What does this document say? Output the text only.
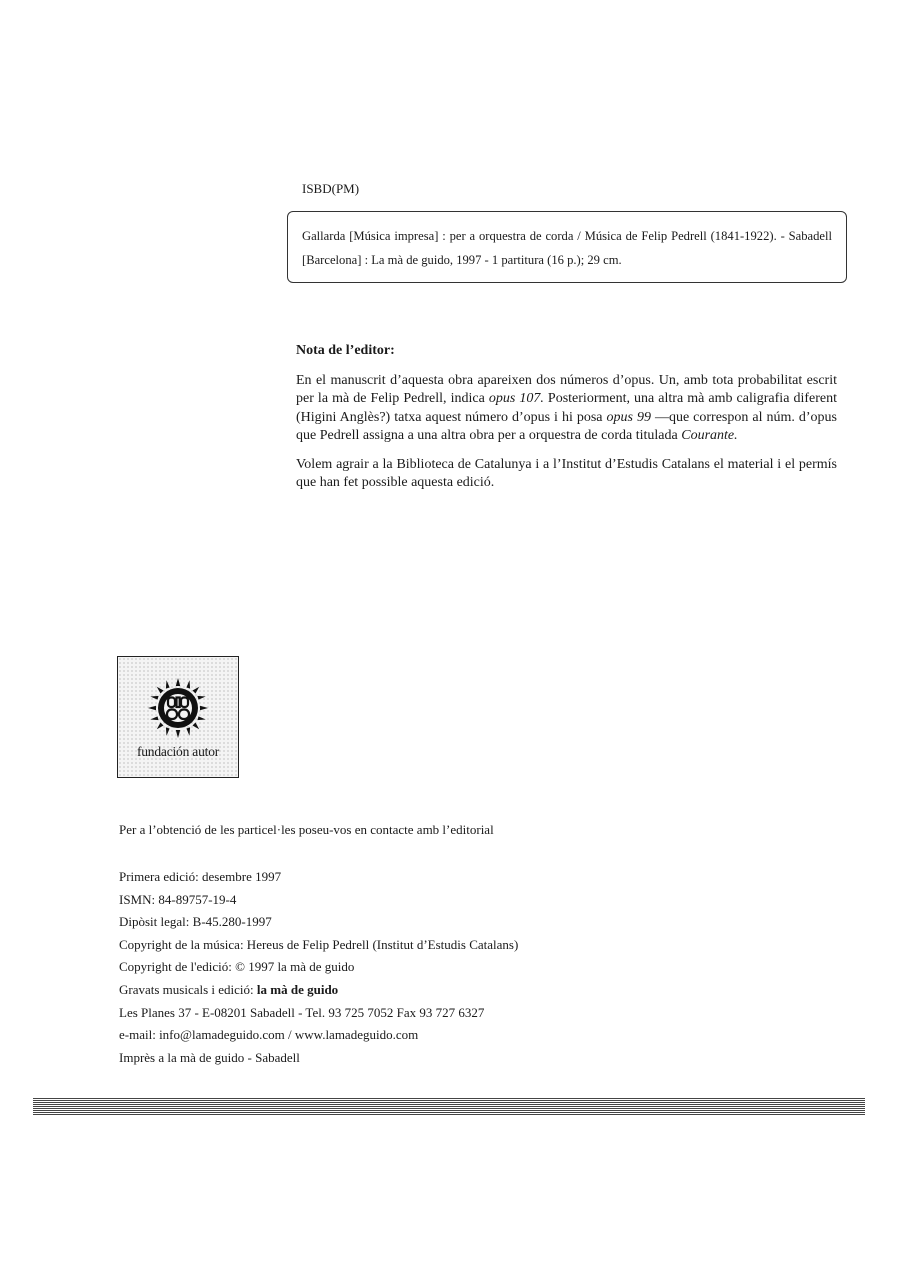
ISBD(PM)
Gallarda [Música impresa] : per a orquestra de corda / Música de Felip Pedrell (1841-1922). - Sabadell [Barcelona] : La mà de guido, 1997 - 1 partitura (16 p.); 29 cm.
Nota de l’editor:

En el manuscrit d’aquesta obra apareixen dos números d’opus. Un, amb tota probabilitat escrit per la mà de Felip Pedrell, indica opus 107. Posteriorment, una altra mà amb caligrafia diferent (Higini Anglès?) tatxa aquest número d’opus i hi posa opus 99 —que correspon al núm. d’opus que Pedrell assigna a una altra obra per a orquestra de corda titulada Courante.

Volem agrair a la Biblioteca de Catalunya i a l’Institut d’Estudis Catalans el material i el permís que han fet possible aquesta edició.

fundación autor
Per a l’obtenció de les particel·les poseu-vos en contacte amb l’editorial
Primera edició: desembre 1997
ISMN: 84-89757-19-4
Dipòsit legal: B-45.280-1997
Copyright de la música: Hereus de Felip Pedrell (Institut d’Estudis Catalans)
Copyright de l'edició: © 1997 la mà de guido
Gravats musicals i edició: la mà de guido
Les Planes 37 - E-08201 Sabadell - Tel. 93 725 7052 Fax 93 727 6327
e-mail: info@lamadeguido.com / www.lamadeguido.com
Imprès a la mà de guido - Sabadell
